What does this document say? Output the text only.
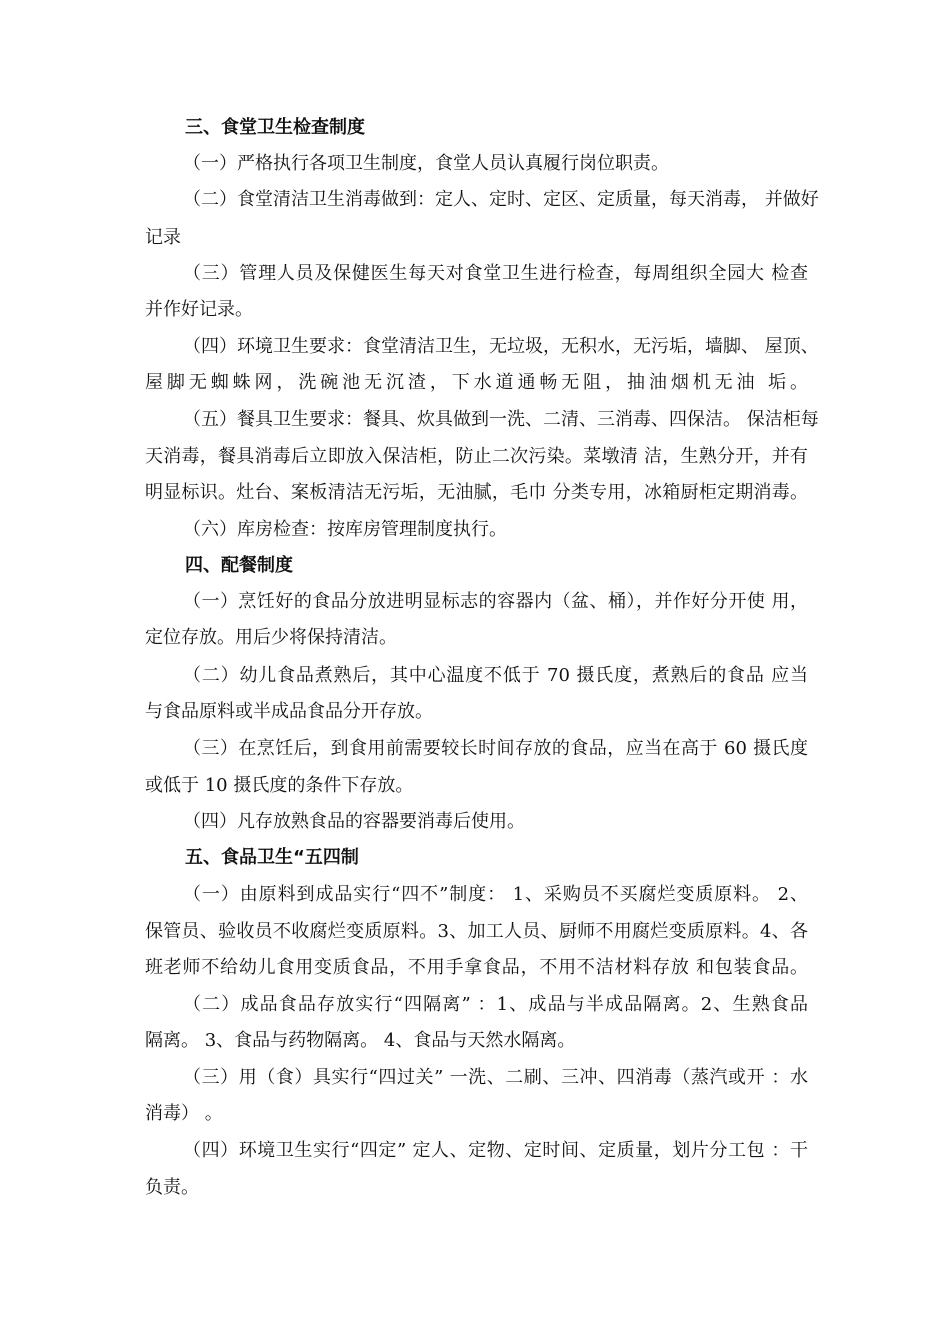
三、食堂卫生检查制度
（一）严格执行各项卫生制度，食堂人员认真履行岗位职责。
（二）食堂清洁卫生消毒做到：定人、定时、定区、定质量，每天消毒， 并做好
记录
（三）管理人员及保健医生每天对食堂卫生进行检查，每周组织全园大 检查
并作好记录。
（四）环境卫生要求：食堂清洁卫生，无垃圾，无积水，无污垢，墙脚、 屋顶、
屋脚无蜘蛛网，洗碗池无沉渣，下水道通畅无阻，抽油烟机无油 垢。
（五）餐具卫生要求：餐具、炊具做到一洗、二清、三消毒、四保洁。 保洁柜每
天消毒，餐具消毒后立即放入保洁柜，防止二次污染。菜墩清 洁，生熟分开，并有
明显标识。灶台、案板清洁无污垢，无油腻，毛巾 分类专用，冰箱厨柜定期消毒。
（六）库房检查：按库房管理制度执行。
四、配餐制度
（一）烹饪好的食品分放进明显标志的容器内（盆、桶），并作好分开使 用，
定位存放。用后少将保持清洁。
（二）幼儿食品煮熟后，其中心温度不低于 70 摄氏度，煮熟后的食品 应当
与食品原料或半成品食品分开存放。
（三）在烹饪后，到食用前需要较长时间存放的食品，应当在高于 60 摄氏度
或低于 10 摄氏度的条件下存放。
（四）凡存放熟食品的容器要消毒后使用。
五、食品卫生“五四制
（一）由原料到成品实行“四不”制度： 1、采购员不买腐烂变质原料。 2、
保管员、验收员不收腐烂变质原料。3、加工人员、厨师不用腐烂变质原料。4、各
班老师不给幼儿食用变质食品，不用手拿食品，不用不洁材料存放 和包装食品。
（二）成品食品存放实行“四隔离” ：1、成品与半成品隔离。2、生熟食品
隔离。 3、食品与药物隔离。 4、食品与天然水隔离。
（三）用（食）具实行“四过关” 一洗、二刷、三冲、四消毒（蒸汽或开 ：水
消毒） 。
（四）环境卫生实行“四定” 定人、定物、定时间、定质量，划片分工包 ：干
负责。
